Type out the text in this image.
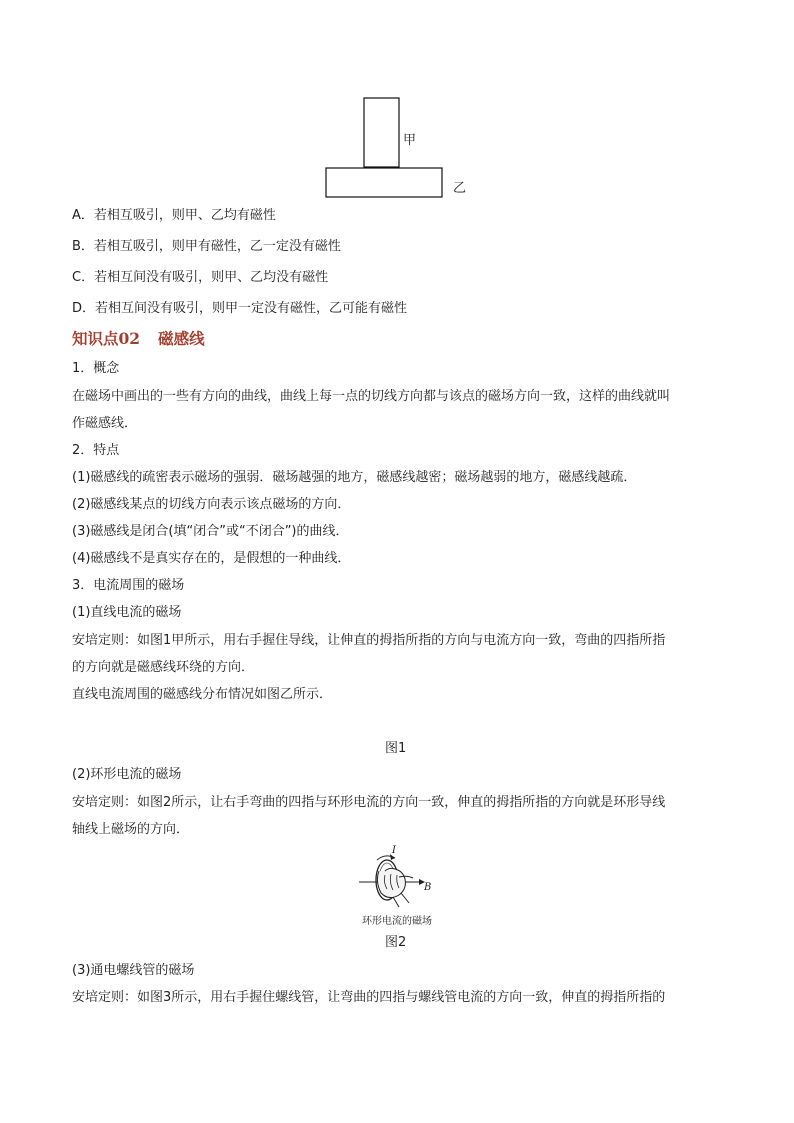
甲
乙
A．若相互吸引，则甲、乙均有磁性
B．若相互吸引，则甲有磁性，乙一定没有磁性
C．若相互间没有吸引，则甲、乙均没有磁性
D．若相互间没有吸引，则甲一定没有磁性，乙可能有磁性
知识点02 磁感线
1．概念
在磁场中画出的一些有方向的曲线，曲线上每一点的切线方向都与该点的磁场方向一致，这样的曲线就叫
作磁感线．
2．特点
(1)磁感线的疏密表示磁场的强弱．磁场越强的地方，磁感线越密；磁场越弱的地方，磁感线越疏．
(2)磁感线某点的切线方向表示该点磁场的方向．
(3)磁感线是闭合(填“闭合”或“不闭合”)的曲线．
(4)磁感线不是真实存在的，是假想的一种曲线．
3．电流周围的磁场
(1)直线电流的磁场
安培定则：如图1甲所示，用右手握住导线，让伸直的拇指所指的方向与电流方向一致，弯曲的四指所指
的方向就是磁感线环绕的方向．
直线电流周围的磁感线分布情况如图乙所示．
图1
(2)环形电流的磁场
安培定则：如图2所示，让右手弯曲的四指与环形电流的方向一致，伸直的拇指所指的方向就是环形导线
轴线上磁场的方向．
I
B
环形电流的磁场
图2
(3)通电螺线管的磁场
安培定则：如图3所示，用右手握住螺线管，让弯曲的四指与螺线管电流的方向一致，伸直的拇指所指的
